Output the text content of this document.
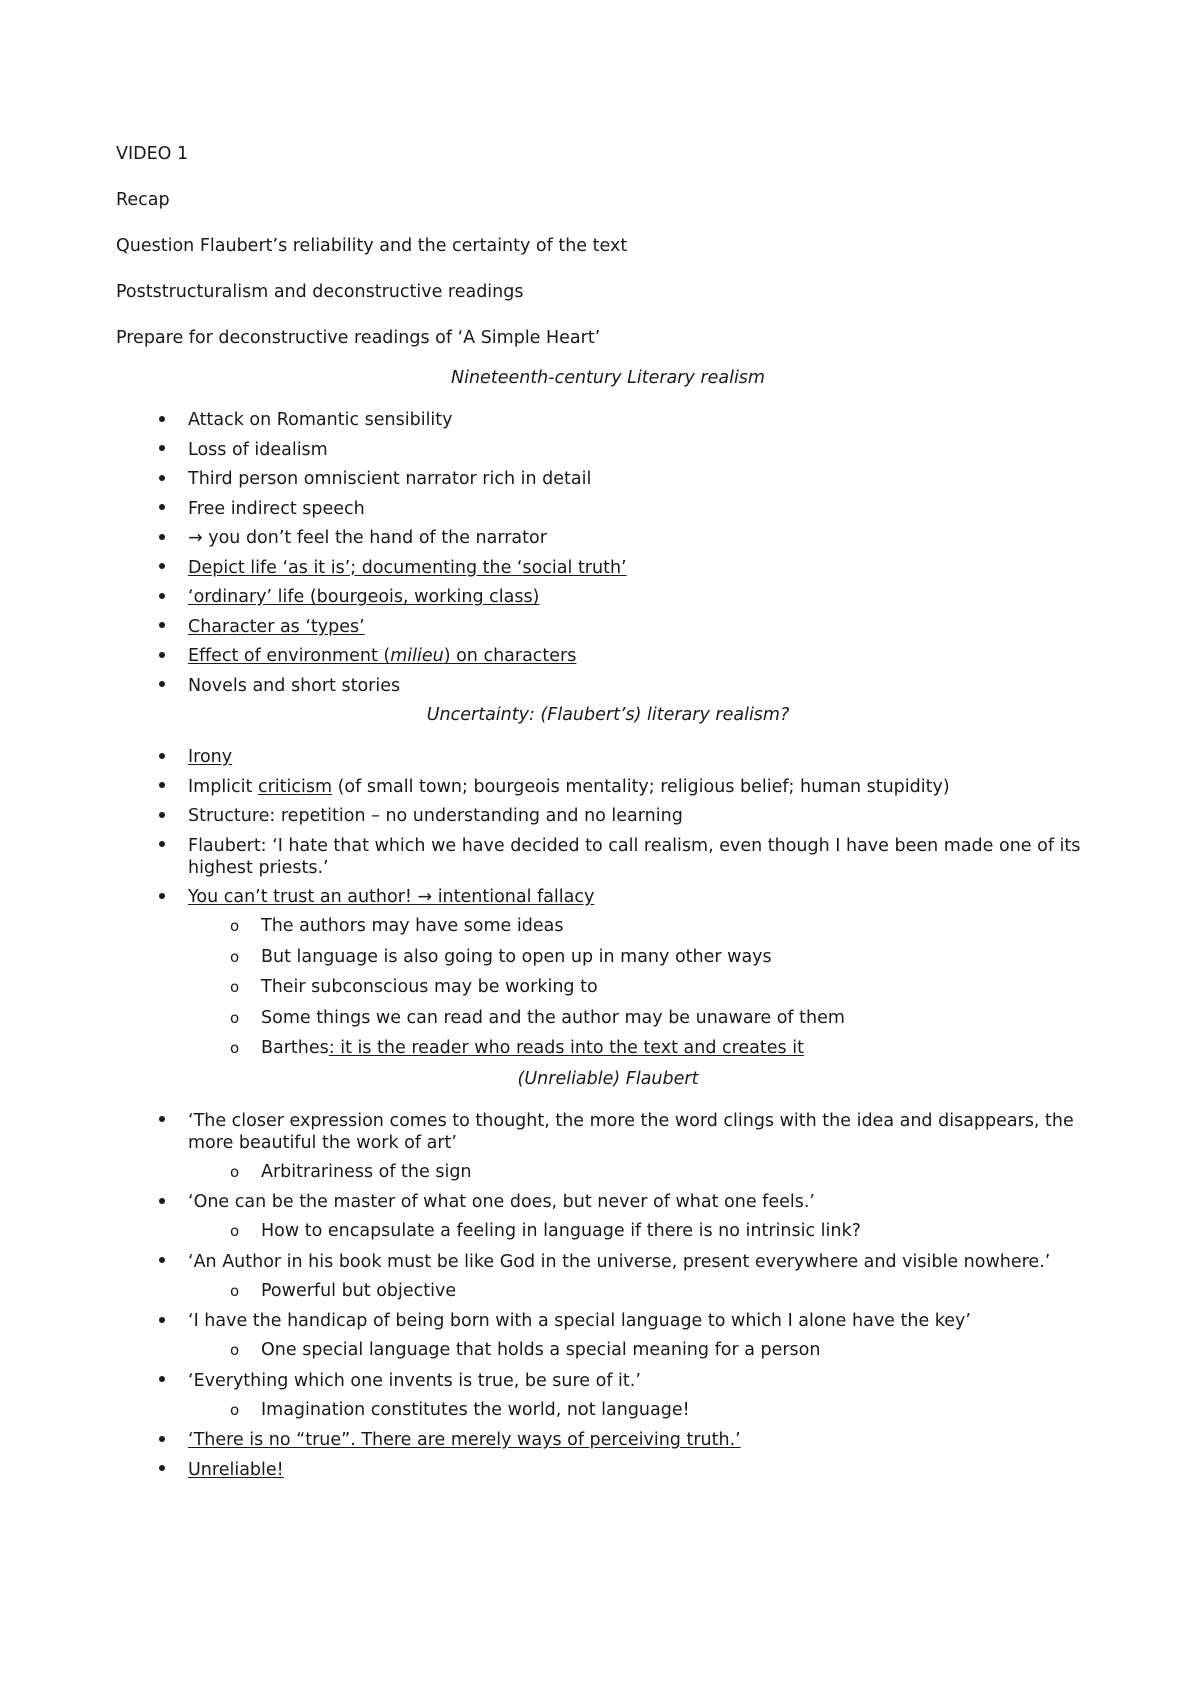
VIDEO 1

Recap

Question Flaubert’s reliability and the certainty of the text

Poststructuralism and deconstructive readings

Prepare for deconstructive readings of ‘A Simple Heart’

Nineteenth-century Literary realism

Attack on Romantic sensibility
Loss of idealism
Third person omniscient narrator rich in detail
Free indirect speech
→ you don’t feel the hand of the narrator
Depict life ‘as it is’; documenting the ‘social truth’
‘ordinary’ life (bourgeois, working class)
Character as ‘types’
Effect of environment (milieu) on characters
Novels and short stories

Uncertainty: (Flaubert’s) literary realism?

Irony
Implicit criticism (of small town; bourgeois mentality; religious belief; human stupidity)
Structure: repetition – no understanding and no learning
Flaubert: ‘I hate that which we have decided to call realism, even though I have been made one of its highest priests.’
You can’t trust an author! → intentional fallacy
o The authors may have some ideas
o But language is also going to open up in many other ways
o Their subconscious may be working to
o Some things we can read and the author may be unaware of them
o Barthes: it is the reader who reads into the text and creates it

(Unreliable) Flaubert

‘The closer expression comes to thought, the more the word clings with the idea and disappears, the more beautiful the work of art’
o Arbitrariness of the sign
‘One can be the master of what one does, but never of what one feels.’
o How to encapsulate a feeling in language if there is no intrinsic link?
‘An Author in his book must be like God in the universe, present everywhere and visible nowhere.’
o Powerful but objective
‘I have the handicap of being born with a special language to which I alone have the key’
o One special language that holds a special meaning for a person
‘Everything which one invents is true, be sure of it.’
o Imagination constitutes the world, not language!
‘There is no “true”. There are merely ways of perceiving truth.’
Unreliable!
